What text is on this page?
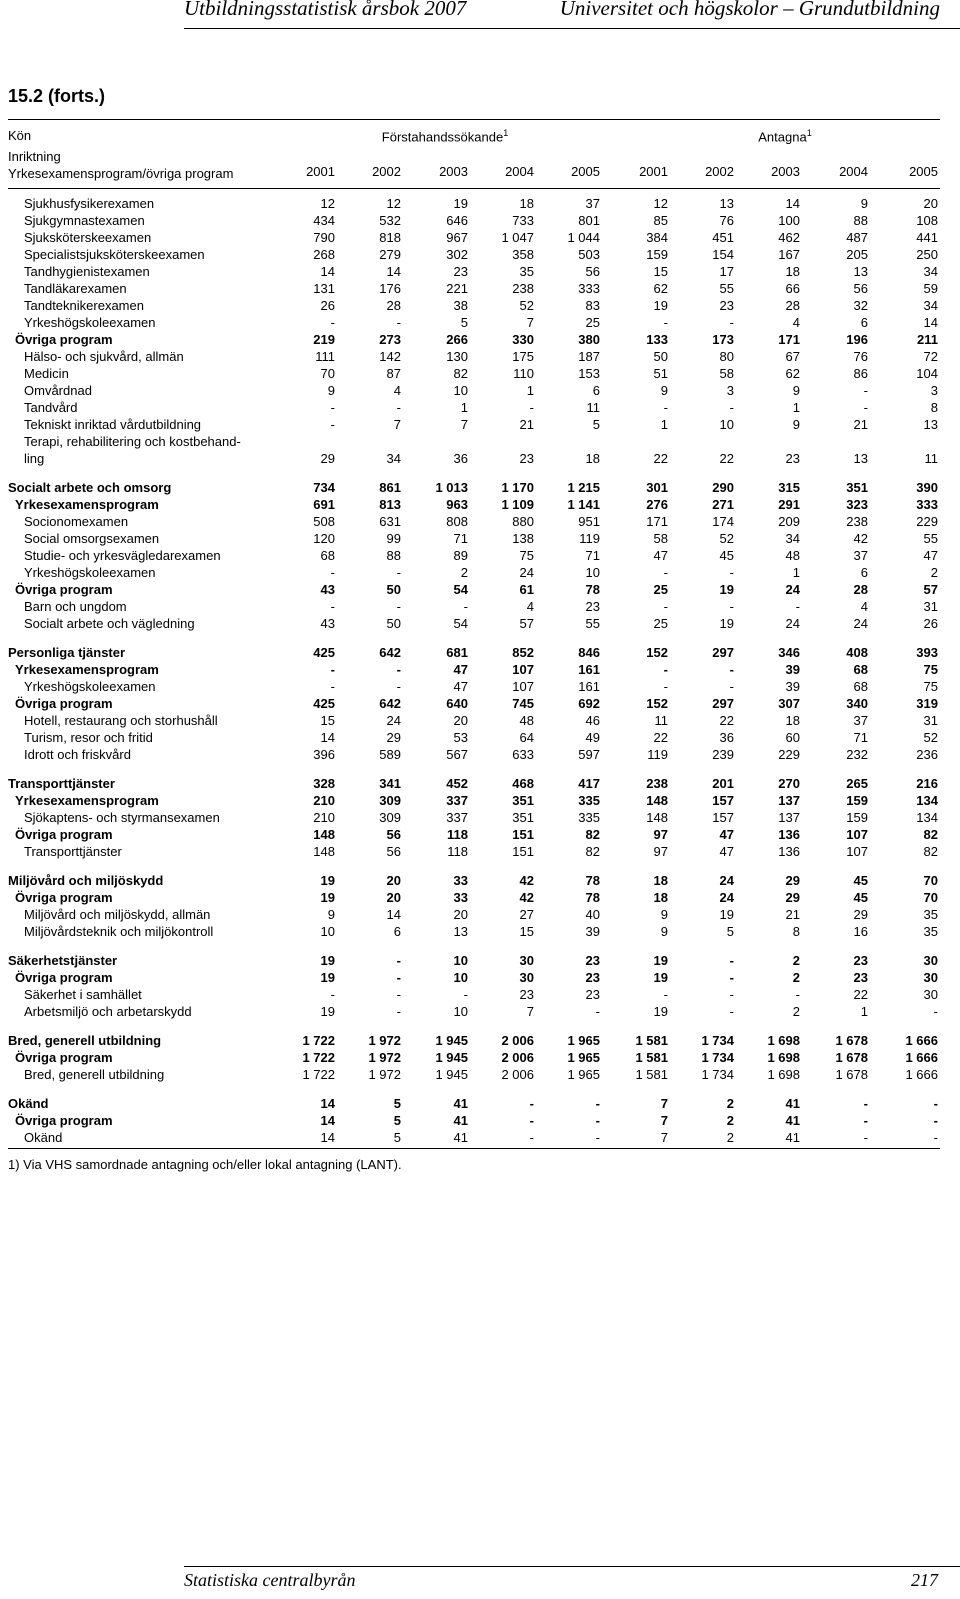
Utbildningsstatistisk årsbok 2007	Universitet och högskolor – Grundutbildning
15.2 (forts.)
Kön
Inriktning
Yrkesexamensprogram/övriga program
Förstahandssökande$^1$	Antagna$^1$
2001	2002	2003	2004	2005	2001	2002	2003	2004	2005
Sjukhusfysikerexamen	12	12	19	18	37	12	13	14	9	20
Sjukgymnastexamen	434	532	646	733	801	85	76	100	88	108
Sjuksköterskeexamen	790	818	967	1 047	1 044	384	451	462	487	441
Specialistsjuksköterskeexamen	268	279	302	358	503	159	154	167	205	250
Tandhygienistexamen	14	14	23	35	56	15	17	18	13	34
Tandläkarexamen	131	176	221	238	333	62	55	66	56	59
Tandteknikerexamen	26	28	38	52	83	19	23	28	32	34
Yrkeshögskoleexamen	-	-	5	7	25	-	-	4	6	14
Övriga program	219	273	266	330	380	133	173	171	196	211
Hälso- och sjukvård, allmän	111	142	130	175	187	50	80	67	76	72
Medicin	70	87	82	110	153	51	58	62	86	104
Omvårdnad	9	4	10	1	6	9	3	9	-	3
Tandvård	-	-	1	-	11	-	-	1	-	8
Tekniskt inriktad vårdutbildning	-	7	7	21	5	1	10	9	21	13
Terapi, rehabilitering och kostbehand-
ling	29	34	36	23	18	22	22	23	13	11
Socialt arbete och omsorg	734	861	1 013	1 170	1 215	301	290	315	351	390
Yrkesexamensprogram	691	813	963	1 109	1 141	276	271	291	323	333
Socionomexamen	508	631	808	880	951	171	174	209	238	229
Social omsorgsexamen	120	99	71	138	119	58	52	34	42	55
Studie- och yrkesvägledarexamen	68	88	89	75	71	47	45	48	37	47
Yrkeshögskoleexamen	-	-	2	24	10	-	-	1	6	2
Övriga program	43	50	54	61	78	25	19	24	28	57
Barn och ungdom	-	-	-	4	23	-	-	-	4	31
Socialt arbete och vägledning	43	50	54	57	55	25	19	24	24	26
Personliga tjänster	425	642	681	852	846	152	297	346	408	393
Yrkesexamensprogram	-	-	47	107	161	-	-	39	68	75
Yrkeshögskoleexamen	-	-	47	107	161	-	-	39	68	75
Övriga program	425	642	640	745	692	152	297	307	340	319
Hotell, restaurang och storhushåll	15	24	20	48	46	11	22	18	37	31
Turism, resor och fritid	14	29	53	64	49	22	36	60	71	52
Idrott och friskvård	396	589	567	633	597	119	239	229	232	236
Transporttjänster	328	341	452	468	417	238	201	270	265	216
Yrkesexamensprogram	210	309	337	351	335	148	157	137	159	134
Sjökaptens- och styrmansexamen	210	309	337	351	335	148	157	137	159	134
Övriga program	148	56	118	151	82	97	47	136	107	82
Transporttjänster	148	56	118	151	82	97	47	136	107	82
Miljövård och miljöskydd	19	20	33	42	78	18	24	29	45	70
Övriga program	19	20	33	42	78	18	24	29	45	70
Miljövård och miljöskydd, allmän	9	14	20	27	40	9	19	21	29	35
Miljövårdsteknik och miljökontroll	10	6	13	15	39	9	5	8	16	35
Säkerhetstjänster	19	-	10	30	23	19	-	2	23	30
Övriga program	19	-	10	30	23	19	-	2	23	30
Säkerhet i samhället	-	-	-	23	23	-	-	-	22	30
Arbetsmiljö och arbetarskydd	19	-	10	7	-	19	-	2	1	-
Bred, generell utbildning	1 722	1 972	1 945	2 006	1 965	1 581	1 734	1 698	1 678	1 666
Övriga program	1 722	1 972	1 945	2 006	1 965	1 581	1 734	1 698	1 678	1 666
Bred, generell utbildning	1 722	1 972	1 945	2 006	1 965	1 581	1 734	1 698	1 678	1 666
Okänd	14	5	41	-	-	7	2	41	-	-
Övriga program	14	5	41	-	-	7	2	41	-	-
Okänd	14	5	41	-	-	7	2	41	-	-
1) Via VHS samordnade antagning och/eller lokal antagning (LANT).
Statistiska centralbyrån	217
